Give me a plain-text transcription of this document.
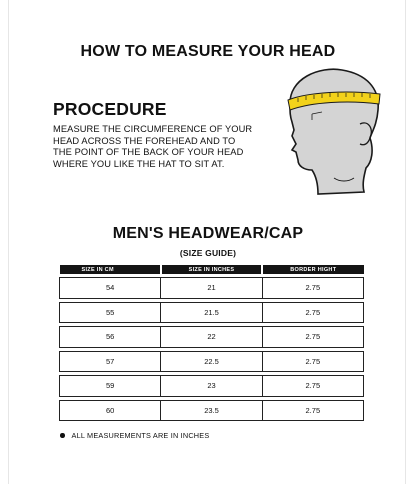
HOW TO MEASURE YOUR HEAD
PROCEDURE
MEASURE THE CIRCUMFERENCE OF YOUR
HEAD ACROSS THE FOREHEAD AND TO
THE POINT OF THE BACK OF YOUR HEAD
WHERE YOU LIKE THE HAT TO SIT AT.
MEN'S HEADWEAR/CAP
(SIZE GUIDE)
SIZE IN CM	SIZE IN INCHES	BORDER HIGHT

54	21	2.75

55	21.5	2.75

56	22	2.75

57	22.5	2.75

59	23	2.75

60	23.5	2.75
ALL MEASUREMENTS ARE IN INCHES
